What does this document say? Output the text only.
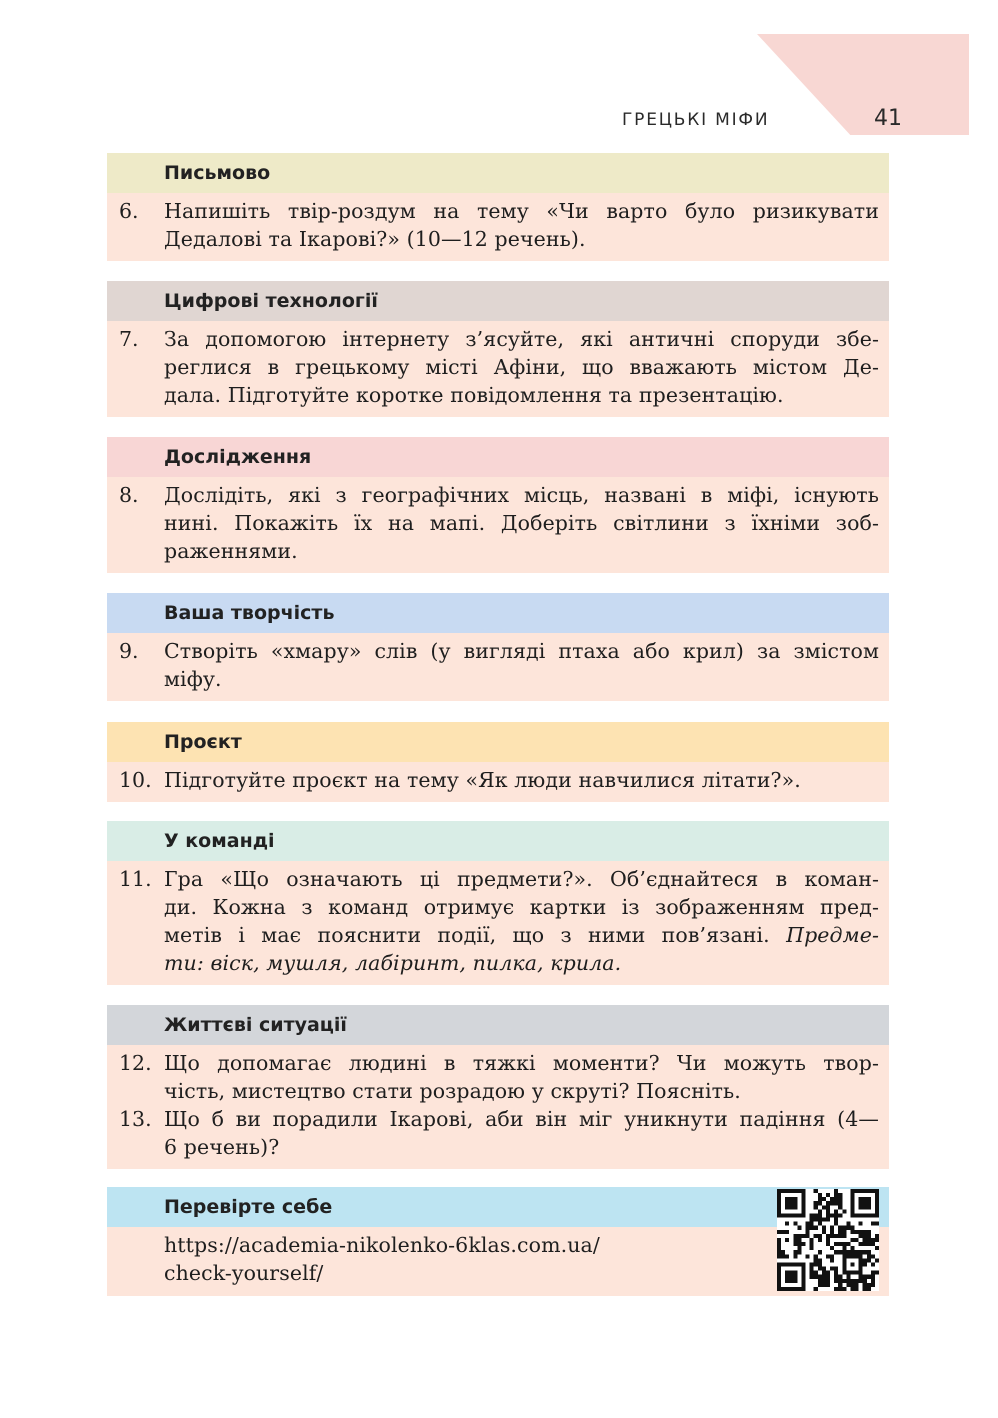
ГРЕЦЬКІ МІФИ	41
Письмово
6. Напишіть твір-роздум на тему «Чи варто було ризикувати
Дедалові та Ікарові?» (10—12 речень).
Цифрові технології
7. За допомогою інтернету з’ясуйте, які античні споруди збе-
реглися в грецькому місті Афіни, що вважають містом Де-
дала. Підготуйте коротке повідомлення та презентацію.
Дослідження
8. Дослідіть, які з географічних місць, названі в міфі, існують
нині. Покажіть їх на мапі. Доберіть світлини з їхніми зоб-
раженнями.
Ваша творчість
9. Створіть «хмару» слів (у вигляді птаха або крил) за змістом
міфу.
Проєкт
10. Підготуйте проєкт на тему «Як люди навчилися літати?».
У команді
11. Гра «Що означають ці предмети?». Об’єднайтеся в коман-
ди. Кожна з команд отримує картки із зображенням пред-
метів і має пояснити події, що з ними пов’язані. Предме-
ти: віск, мушля, лабіринт, пилка, крила.
Життєві ситуації
12. Що допомагає людині в тяжкі моменти? Чи можуть твор-
чість, мистецтво стати розрадою у скруті? Поясніть.
13. Що б ви порадили Ікарові, аби він міг уникнути падіння (4—
6 речень)?
Перевірте себе
https://academia-nikolenko-6klas.com.ua/
check-yourself/
